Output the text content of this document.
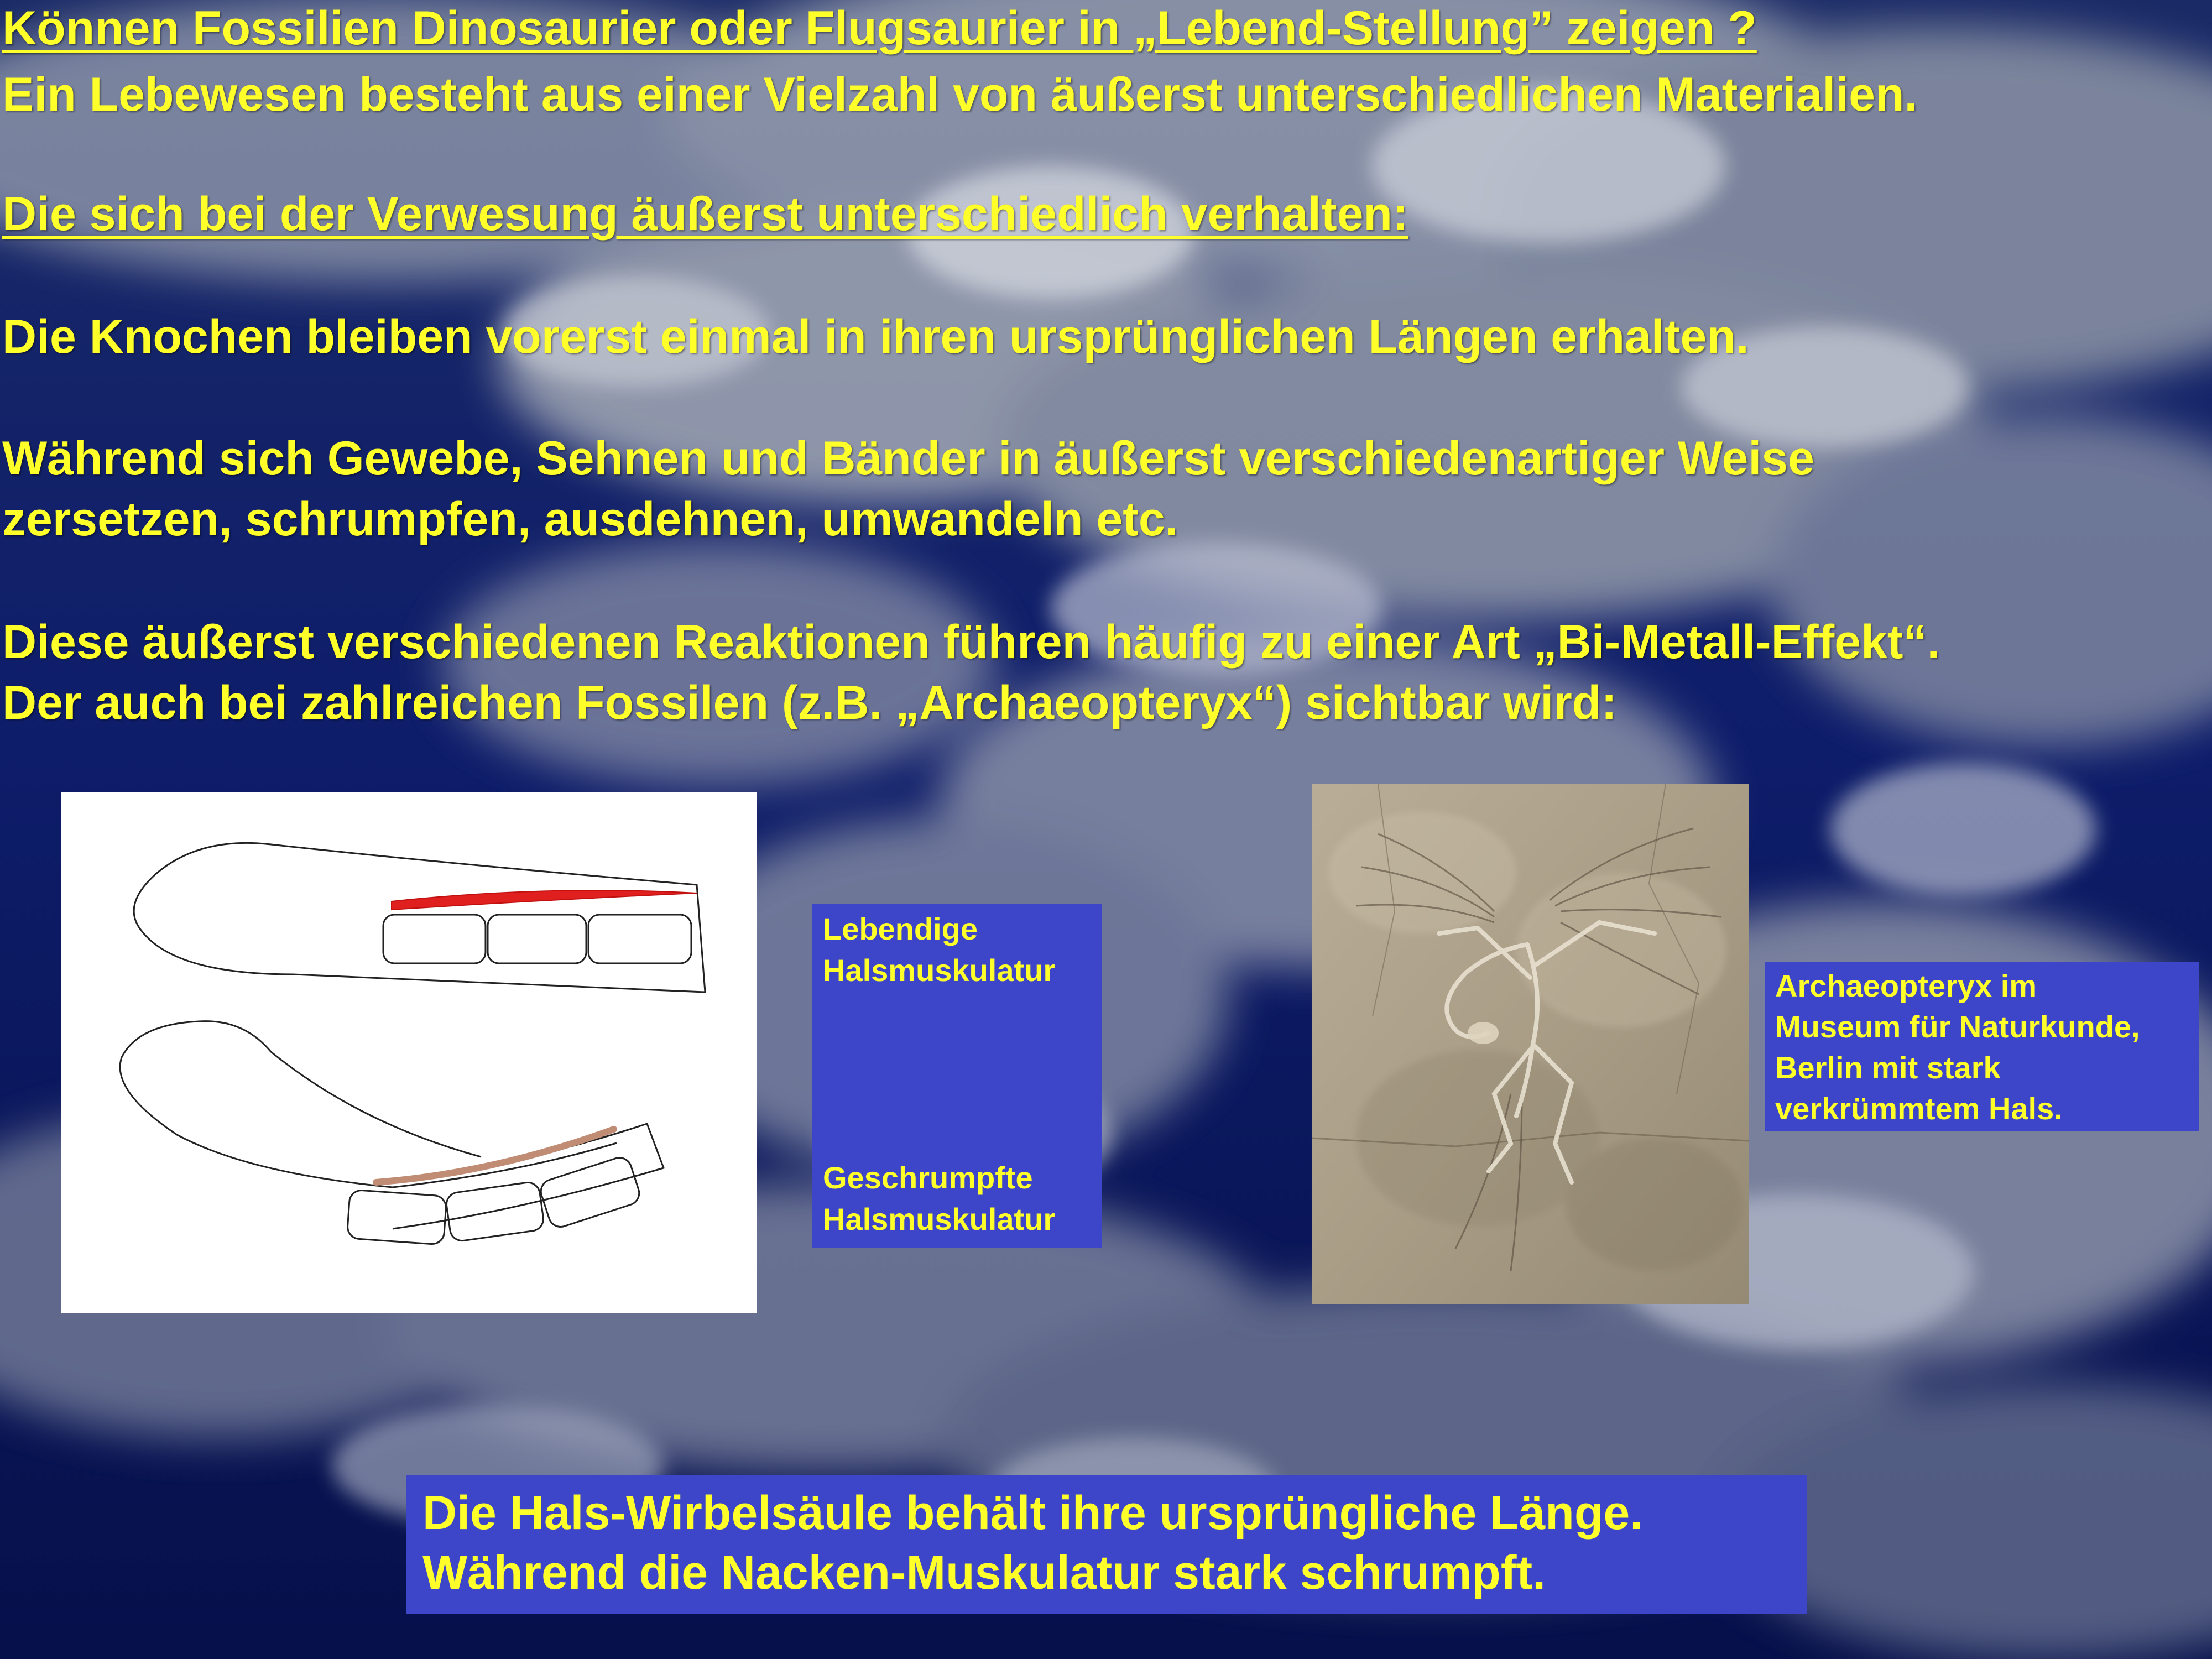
Können Fossilien Dinosaurier oder Flugsaurier in „Lebend-Stellung” zeigen ?

Ein Lebewesen besteht aus einer Vielzahl von äußerst unterschiedlichen Materialien.

Die sich bei der Verwesung äußerst unterschiedlich verhalten:

Die Knochen bleiben vorerst einmal in ihren ursprünglichen Längen erhalten.

Während sich Gewebe, Sehnen und Bänder in äußerst verschiedenartiger Weise

zersetzen, schrumpfen, ausdehnen, umwandeln etc.

Diese äußerst verschiedenen Reaktionen führen häufig zu einer Art „Bi-Metall-Effekt“.

Der auch bei zahlreichen Fossilen (z.B. „Archaeopteryx“) sichtbar wird:

Lebendige
Halsmuskulatur
Geschrumpfte
Halsmuskulatur
Archaeopteryx im
Museum für Naturkunde,
Berlin mit stark
verkrümmtem Hals.
Die Hals-Wirbelsäule behält ihre ursprüngliche Länge.
Während die Nacken-Muskulatur stark schrumpft.
